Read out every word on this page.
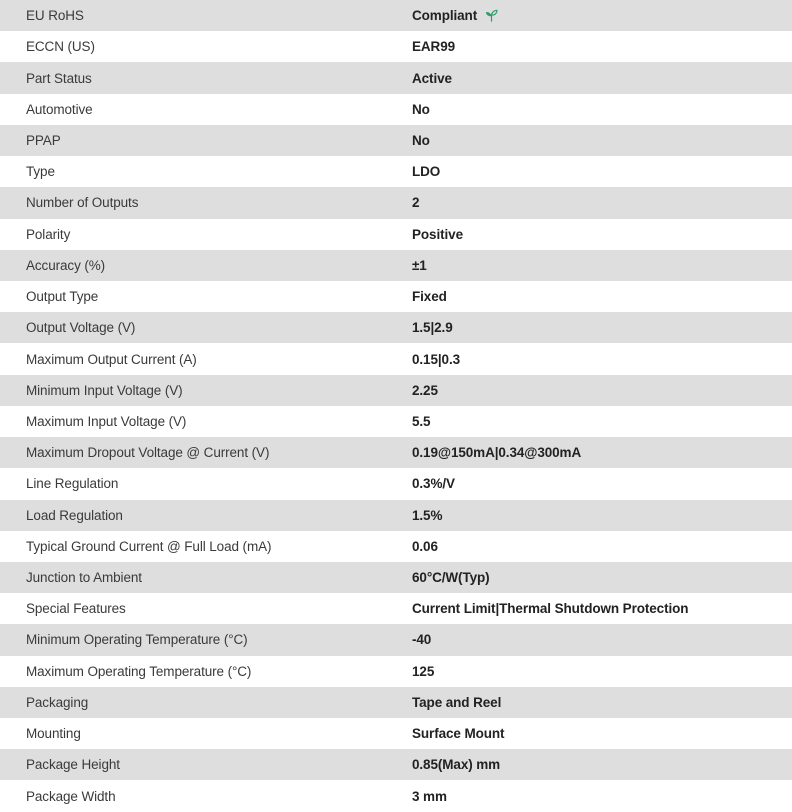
EU RoHS	Compliant
ECCN (US)	EAR99
Part Status	Active
Automotive	No
PPAP	No
Type	LDO
Number of Outputs	2
Polarity	Positive
Accuracy (%)	±1
Output Type	Fixed
Output Voltage (V)	1.5|2.9
Maximum Output Current (A)	0.15|0.3
Minimum Input Voltage (V)	2.25
Maximum Input Voltage (V)	5.5
Maximum Dropout Voltage @ Current (V)	0.19@150mA|0.34@300mA
Line Regulation	0.3%/V
Load Regulation	1.5%
Typical Ground Current @ Full Load (mA)	0.06
Junction to Ambient	60°C/W(Typ)
Special Features	Current Limit|Thermal Shutdown Protection
Minimum Operating Temperature (°C)	-40
Maximum Operating Temperature (°C)	125
Packaging	Tape and Reel
Mounting	Surface Mount
Package Height	0.85(Max) mm
Package Width	3 mm
